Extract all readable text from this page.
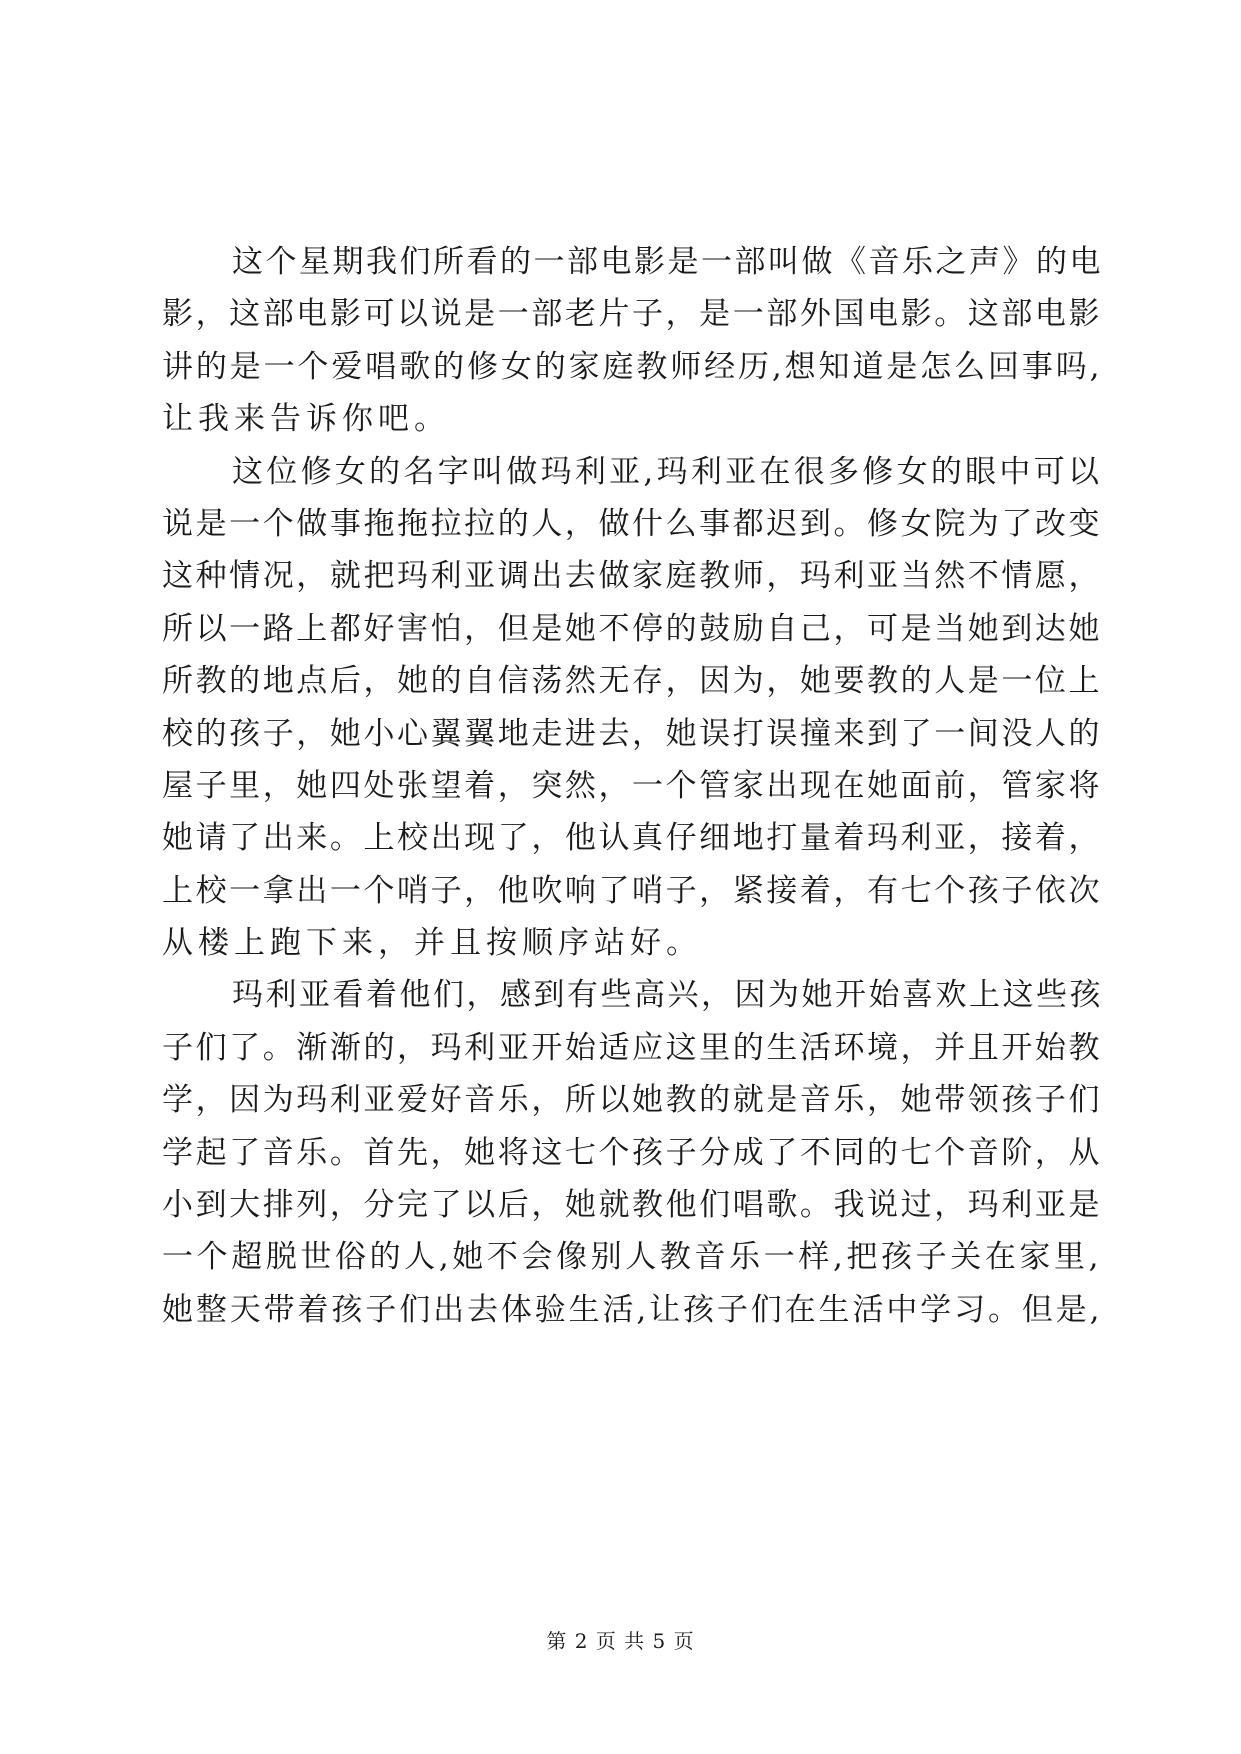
这个星期我们所看的一部电影是一部叫做《音乐之声》的电
影，这部电影可以说是一部老片子，是一部外国电影。这部电影
讲的是一个爱唱歌的修女的家庭教师经历,想知道是怎么回事吗,
让我来告诉你吧。
这位修女的名字叫做玛利亚,玛利亚在很多修女的眼中可以
说是一个做事拖拖拉拉的人，做什么事都迟到。修女院为了改变
这种情况，就把玛利亚调出去做家庭教师，玛利亚当然不情愿，
所以一路上都好害怕，但是她不停的鼓励自己，可是当她到达她
所教的地点后，她的自信荡然无存，因为，她要教的人是一位上
校的孩子，她小心翼翼地走进去，她误打误撞来到了一间没人的
屋子里，她四处张望着，突然，一个管家出现在她面前，管家将
她请了出来。上校出现了，他认真仔细地打量着玛利亚，接着，
上校一拿出一个哨子，他吹响了哨子，紧接着，有七个孩子依次
从楼上跑下来，并且按顺序站好。
玛利亚看着他们，感到有些高兴，因为她开始喜欢上这些孩
子们了。渐渐的，玛利亚开始适应这里的生活环境，并且开始教
学，因为玛利亚爱好音乐，所以她教的就是音乐，她带领孩子们
学起了音乐。首先，她将这七个孩子分成了不同的七个音阶，从
小到大排列，分完了以后，她就教他们唱歌。我说过，玛利亚是
一个超脱世俗的人,她不会像别人教音乐一样,把孩子关在家里,
她整天带着孩子们出去体验生活,让孩子们在生活中学习。但是,
第 2 页 共 5 页
